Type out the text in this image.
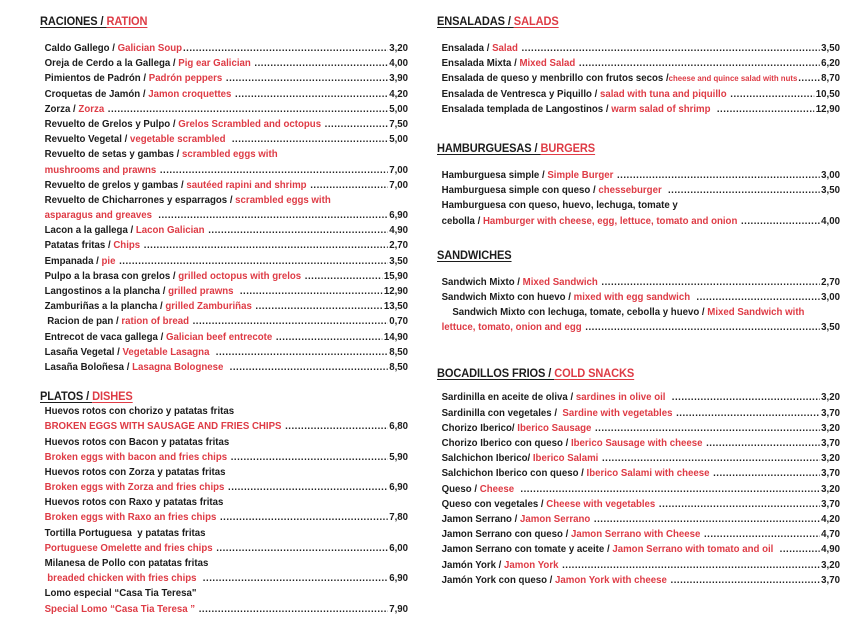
RACIONES / RATION
Caldo Gallego / Galician Soup .....	3,20
Oreja de Cerdo a la Gallega / Pig ear Galician .....	4,00
Pimientos de Padrón / Padrón peppers .....	3,90
Croquetas de Jamón / Jamon croquettes .....	4,20
Zorza / Zorza .....	5,00
Revuelto de Grelos y Pulpo / Grelos Scrambled and octopus .....	7,50
Revuelto Vegetal / vegetable scrambled .....	5,00
Revuelto de setas y gambas / scrambled eggs with
mushrooms and prawns .....	7,00
Revuelto de grelos y gambas / sautéed rapini and shrimp .....	7,00
Revuelto de Chicharrones y esparragos / scrambled eggs with
asparagus and greaves .....	6,90
Lacon a la gallega / Lacon Galician .....	4,90
Patatas fritas / Chips .....	2,70
Empanada / pie .....	3,50
Pulpo a la brasa con grelos / grilled octopus with grelos .....	15,90
Langostinos a la plancha / grilled prawns .....	12,90
Zamburiñas a la plancha / grilled Zamburiñas .....	13,50
Racion de pan / ration of bread .....	0,70
Entrecot de vaca gallega / Galician beef entrecote .....	14,90
Lasaña Vegetal / Vegetable Lasagna .....	8,50
Lasaña Boloñesa / Lasagna Bolognese .....	8,50
PLATOS / DISHES
Huevos rotos con chorizo y patatas fritas
BROKEN EGGS WITH SAUSAGE AND FRIES CHIPS .....	6,80
Huevos rotos con Bacon y patatas fritas
Broken eggs with bacon and fries chips .....	5,90
Huevos rotos con Zorza y patatas fritas
Broken eggs with Zorza and fries chips .....	6,90
Huevos rotos con Raxo y patatas fritas
Broken eggs with Raxo an fries chips .....	7,80
Tortilla Portuguesa  y patatas fritas
Portuguese Omelette and fries chips .....	6,00
Milanesa de Pollo con patatas fritas
breaded chicken with fries chips .....	6,90
Lomo especial “Casa Tia Teresa"
Special Lomo “Casa Tia Teresa ” .....	7,90
ENSALADAS / SALADS
Ensalada / Salad .....	3,50
Ensalada Mixta / Mixed Salad .....	6,20
Ensalada de queso y menbrillo con frutos secos / cheese and quince salad with nuts ..... 8,70
Ensalada de Ventresca y Piquillo / salad with tuna and piquillo .....	10,50
Ensalada templada de Langostinos / warm salad of shrimp .....	12,90
HAMBURGUESAS / BURGERS
Hamburguesa simple / Simple Burger .....	3,00
Hamburguesa simple con queso / chesseburger .....	3,50
Hamburguesa con queso, huevo, lechuga, tomate y
cebolla / Hamburger with cheese, egg, lettuce, tomato and onion .....	4,00
SANDWICHES
Sandwich Mixto / Mixed Sandwich .....	2,70
Sandwich Mixto con huevo / mixed with egg sandwich .....	3,00
Sandwich Mixto con lechuga, tomate, cebolla y huevo / Mixed Sandwich with
lettuce, tomato, onion and egg .....	3,50
BOCADILLOS FRIOS / COLD SNACKS
Sardinilla en aceite de oliva / sardines in olive oil .....	3,20
Sardinilla con vegetales / Sardine with vegetables .....	3,70
Chorizo Iberico/ Iberico Sausage .....	3,20
Chorizo Iberico con queso / Iberico Sausage with cheese .....	3,70
Salchichon Iberico/ Iberico Salami .....	3,20
Salchichon Iberico con queso / Iberico Salami with cheese .....	3,70
Queso / Cheese .....	3,20
Queso con vegetales / Cheese with vegetables .....	3,70
Jamon Serrano / Jamon Serrano .....	4,20
Jamon Serrano con queso / Jamon Serrano with Cheese .....	4,70
Jamon Serrano con tomate y aceite / Jamon Serrano with tomato and oil .....	4,90
Jamón York / Jamon York .....	3,20
Jamón York con queso / Jamon York with cheese .....	3,70
